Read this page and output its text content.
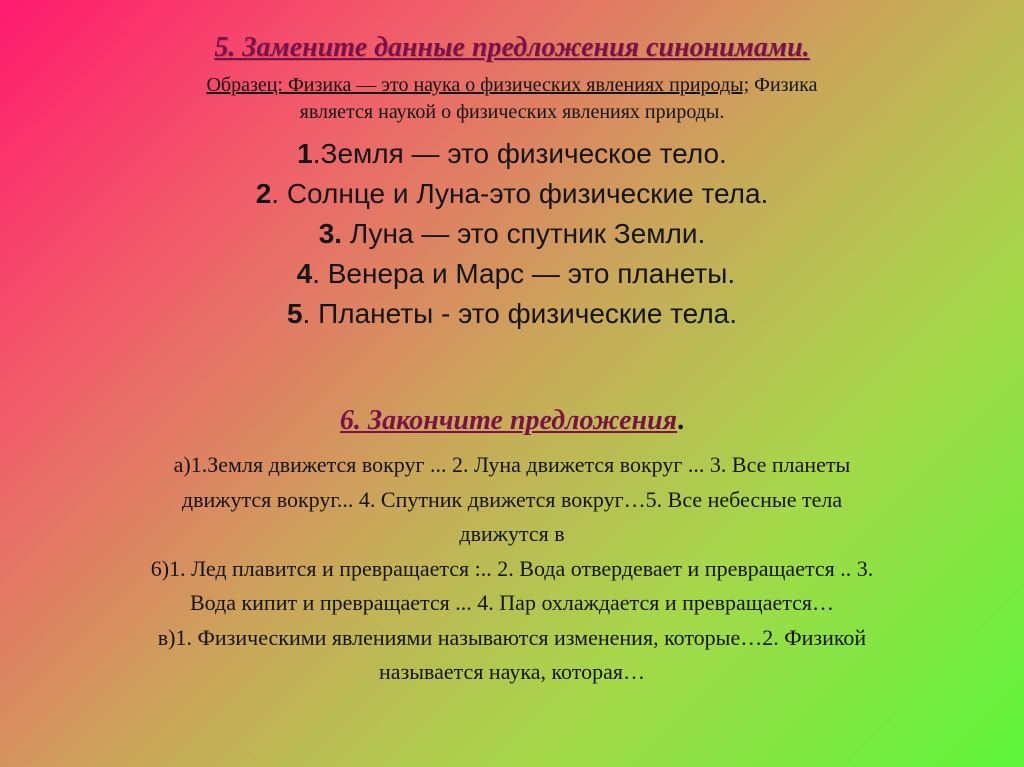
5. Замените данные предложения синонимами.
Образец: Физика — это наука о физических явлениях природы; Физика
является наукой о физических явлениях природы.
1.Земля — это физическое тело.
2. Солнце и Луна-это физические тела.
3. Луна — это спутник Земли.
4. Венера и Марс — это планеты.
5. Планеты - это физические тела.
6. Закончите предложения.
а)1.Земля движется вокруг ... 2. Луна движется вокруг ... 3. Все планеты
движутся вокруг... 4. Спутник движется вокруг…5. Все небесные тела
движутся в
6)1. Лед плавится и превращается :.. 2. Вода отвердевает и превращается .. 3.
Вода кипит и превращается ... 4. Пар охлаждается и превращается…
в)1. Физическими явлениями называются изменения, которые…2. Физикой
называется наука, которая…
